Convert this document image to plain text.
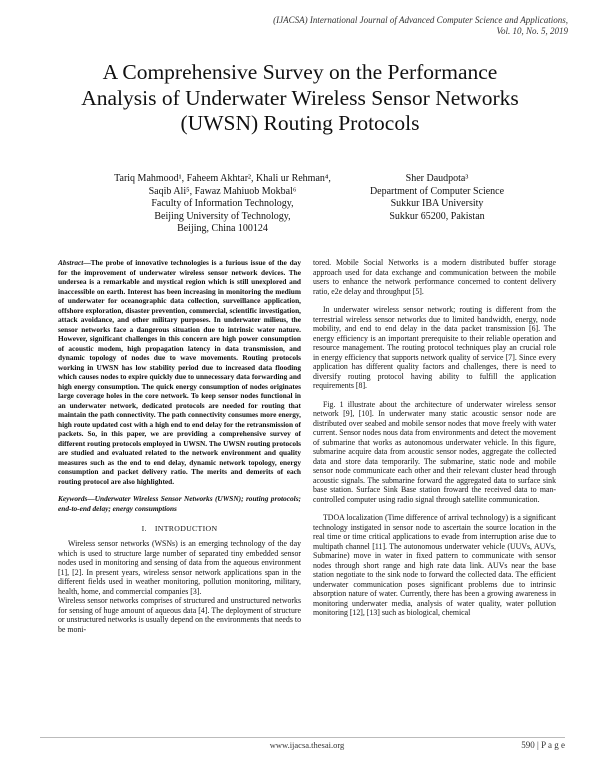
(IJACSA) International Journal of Advanced Computer Science and Applications,
Vol. 10, No. 5, 2019
A Comprehensive Survey on the Performance
Analysis of Underwater Wireless Sensor Networks
(UWSN) Routing Protocols
Tariq Mahmood¹, Faheem Akhtar², Khali ur Rehman⁴,
Saqib Ali⁵, Fawaz Mahiuob Mokbal⁶
Faculty of Information Technology,
Beijing University of Technology,
Beijing, China 100124
Sher Daudpota³
Department of Computer Science
Sukkur IBA University
Sukkur 65200, Pakistan

Abstract—The probe of innovative technologies is a furious issue of the day for the improvement of underwater wireless sensor network devices. The undersea is a remarkable and mystical region which is still unexplored and inaccessible on earth. Interest has been increasing in monitoring the medium of underwater for oceanographic data collection, surveillance application, offshore exploration, disaster prevention, commercial, scientific investigation, attack avoidance, and other military purposes. In underwater milieus, the sensor networks face a dangerous situation due to intrinsic water nature. However, significant challenges in this concern are high power consumption of acoustic modem, high propagation latency in data transmission, and dynamic topology of nodes due to wave movements. Routing protocols working in UWSN has low stability period due to increased data flooding which causes nodes to expire quickly due to unnecessary data forwarding and high energy consumption. The quick energy consumption of nodes originates large coverage holes in the core network. To keep sensor nodes functional in an underwater network, dedicated protocols are needed for routing that maintain the path connectivity. The path connectivity consumes more energy, high route updated cost with a high end to end delay for the retransmission of packets. So, in this paper, we are providing a comprehensive survey of different routing protocols employed in UWSN. The UWSN routing protocols are studied and evaluated related to the network environment and quality measures such as the end to end delay, dynamic network topology, energy consumption and packet delivery ratio. The merits and demerits of each routing protocol are also highlighted.

Keywords—Underwater Wireless Sensor Networks (UWSN); routing protocols; end-to-end delay; energy consumptions

I. INTRODUCTION

Wireless sensor networks (WSNs) is an emerging technology of the day which is used to structure large number of separated tiny embedded sensor nodes used in monitoring and sensing of data from the aqueous environment [1], [2]. In present years, wireless sensor network applications span in the different fields used in weather monitoring, pollution monitoring, military, health, home, and commercial companies [3].

Wireless sensor networks comprises of structured and unstructured networks for sensing of huge amount of aqueous data [4]. The deployment of structure or unstructured networks is usually depend on the environments that needs to be moni-

tored. Mobile Social Networks is a modern distributed buffer storage approach used for data exchange and communication between the mobile users to enhance the network performance concerned to content delivery ratio, e2e delay and throughput [5].

In underwater wireless sensor network; routing is different from the terrestrial wireless sensor networks due to limited bandwidth, energy, node mobility, and end to end delay in the data packet transmission [6]. The energy efficiency is an important prerequisite to their reliable operation and resource management. The routing protocol techniques play an crucial role in energy efficiency that supports network quality of service [7]. Since every application has different quality factors and challenges, there is need to diversify routing protocol having ability to fulfill the application requirements [8].

Fig. 1 illustrate about the architecture of underwater wireless sensor network [9], [10]. In underwater many static acoustic sensor node are distributed over seabed and mobile sensor nodes that move freely with water current. Sensor nodes nous data from environments and detect the movement of submarine that works as autonomous underwater vehicle. In this figure, submarine acquire data from acoustic sensor nodes, aggregate the collected data and store data temporarily. The submarine, static node and mobile sensor node communicate each other and their relevant cluster head through acoustic signals. The submarine forward the aggregated data to surface sink base station. Surface Sink Base station froward the received data to man-controlled computer using radio signal through satellite communication.

TDOA localization (Time difference of arrival technology) is a significant technology instigated in sensor node to ascertain the source location in the real time or time critical applications to evade from interruption arise due to multipath channel [11]. The autonomous underwater vehicle (UUVs, AUVs, Submarine) move in water in fixed pattern to communicate with sensor nodes through short range and high rate data link. AUVs near the base station negotiate to the sink node to forward the collected data. The efficient underwater communication poses significant problems due to intrinsic absorption nature of water. Currently, there has been a growing awareness in monitoring underwater media, analysis of water quality, water pollution monitoring [12], [13] such as biological, chemical

www.ijacsa.thesai.org	590 | P a g e
